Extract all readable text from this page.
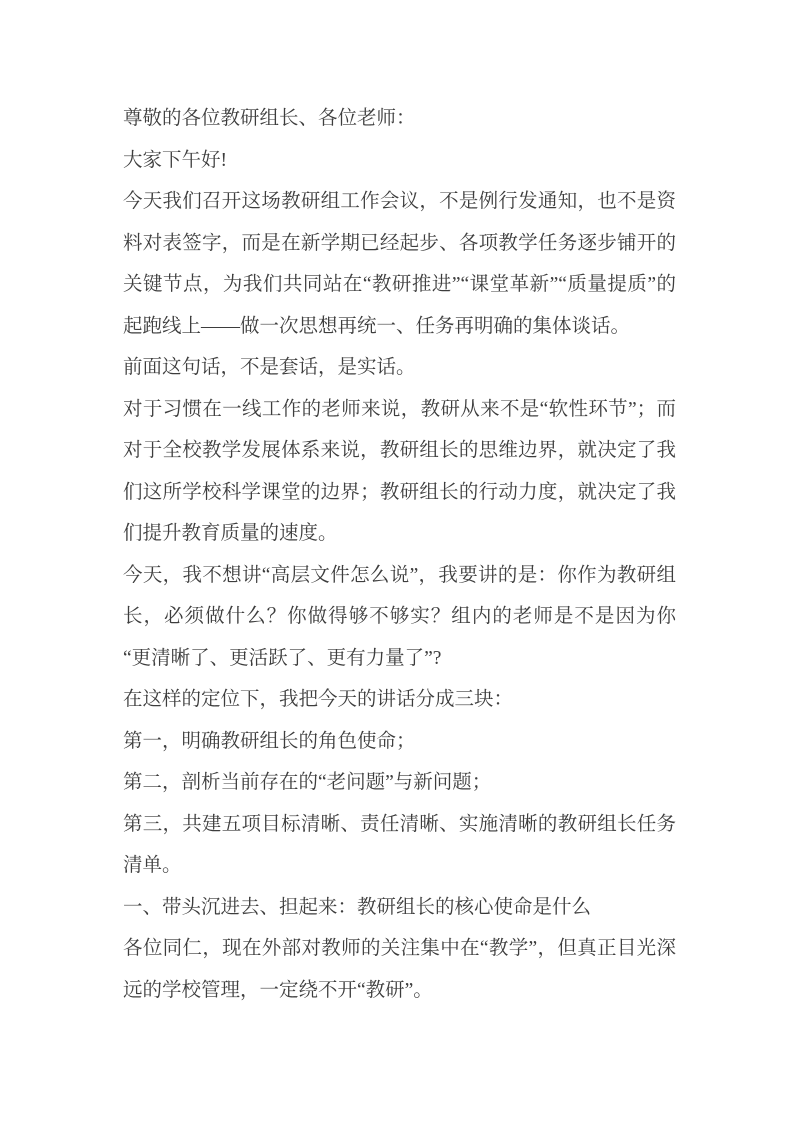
尊敬的各位教研组长、各位老师：
大家下午好!
今天我们召开这场教研组工作会议，不是例行发通知，也不是资
料对表签字，而是在新学期已经起步、各项教学任务逐步铺开的
关键节点，为我们共同站在“教研推进”“课堂革新”“质量提质”的
起跑线上——做一次思想再统一、任务再明确的集体谈话。
前面这句话，不是套话，是实话。
对于习惯在一线工作的老师来说，教研从来不是“软性环节”；而
对于全校教学发展体系来说，教研组长的思维边界，就决定了我
们这所学校科学课堂的边界；教研组长的行动力度，就决定了我
们提升教育质量的速度。
今天，我不想讲“高层文件怎么说”，我要讲的是：你作为教研组
长，必须做什么？你做得够不够实？组内的老师是不是因为你
“更清晰了、更活跃了、更有力量了”?
在这样的定位下，我把今天的讲话分成三块：
第一，明确教研组长的角色使命；
第二，剖析当前存在的“老问题”与新问题；
第三，共建五项目标清晰、责任清晰、实施清晰的教研组长任务
清单。
一、带头沉进去、担起来：教研组长的核心使命是什么
各位同仁，现在外部对教师的关注集中在“教学”，但真正目光深
远的学校管理，一定绕不开“教研”。
